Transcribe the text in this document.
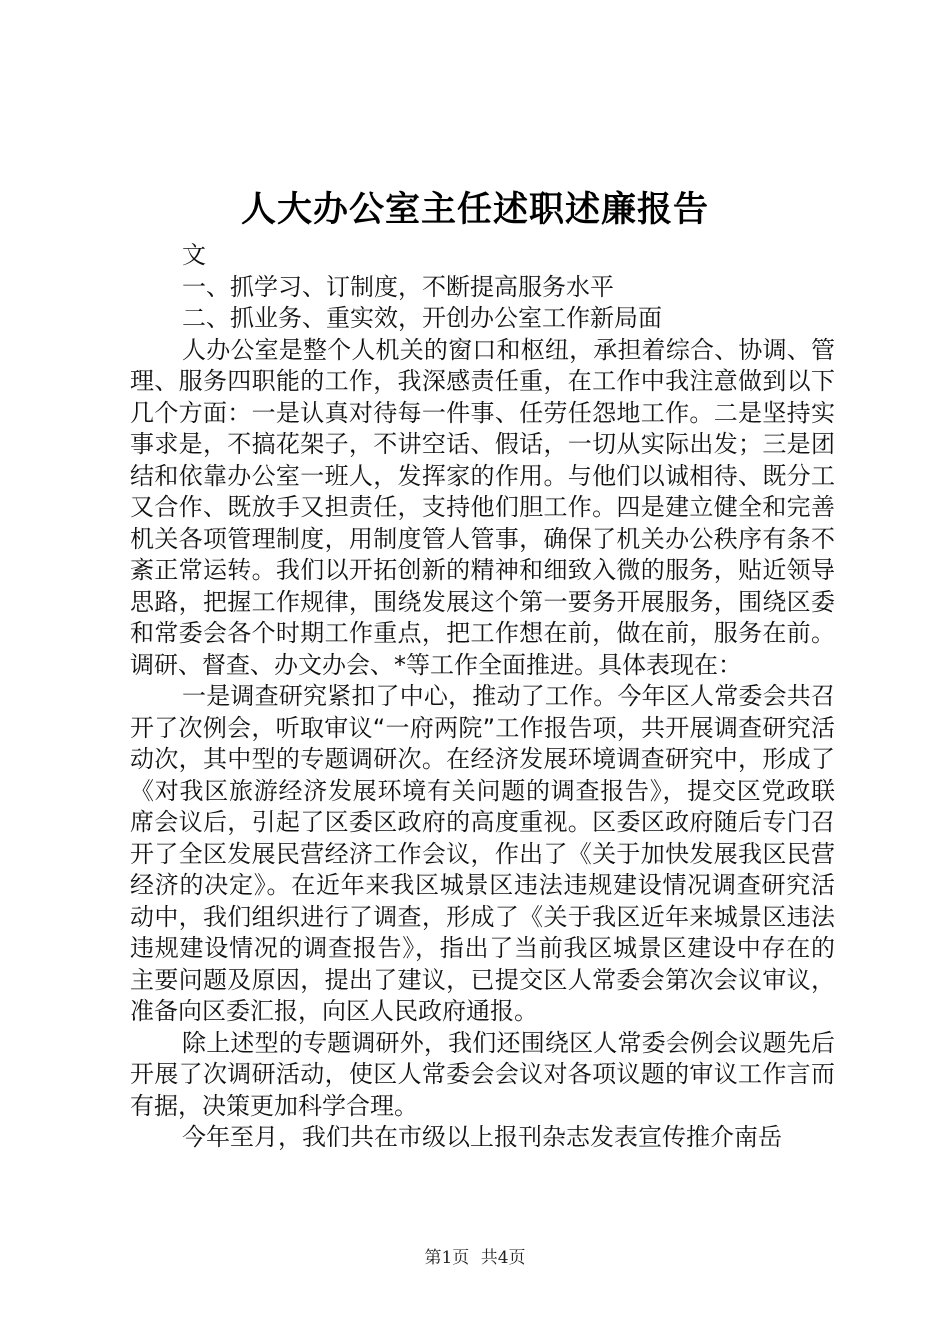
人大办公室主任述职述廉报告

文

一、抓学习、订制度，不断提高服务水平

二、抓业务、重实效，开创办公室工作新局面

人办公室是整个人机关的窗口和枢纽，承担着综合、协调、管理、服务四职能的工作，我深感责任重，在工作中我注意做到以下几个方面：一是认真对待每一件事、任劳任怨地工作。二是坚持实事求是，不搞花架子，不讲空话、假话，一切从实际出发；三是团结和依靠办公室一班人，发挥家的作用。与他们以诚相待、既分工又合作、既放手又担责任，支持他们胆工作。四是建立健全和完善机关各项管理制度，用制度管人管事，确保了机关办公秩序有条不紊正常运转。我们以开拓创新的精神和细致入微的服务，贴近领导思路，把握工作规律，围绕发展这个第一要务开展服务，围绕区委和常委会各个时期工作重点，把工作想在前，做在前，服务在前。调研、督查、办文办会、*等工作全面推进。具体表现在：

一是调查研究紧扣了中心，推动了工作。今年区人常委会共召开了次例会，听取审议“一府两院”工作报告项，共开展调查研究活动次，其中型的专题调研次。在经济发展环境调查研究中，形成了《对我区旅游经济发展环境有关问题的调查报告》，提交区党政联席会议后，引起了区委区政府的高度重视。区委区政府随后专门召开了全区发展民营经济工作会议，作出了《关于加快发展我区民营经济的决定》。在近年来我区城景区违法违规建设情况调查研究活动中，我们组织进行了调查，形成了《关于我区近年来城景区违法违规建设情况的调查报告》，指出了当前我区城景区建设中存在的主要问题及原因，提出了建议，已提交区人常委会第次会议审议，准备向区委汇报，向区人民政府通报。

除上述型的专题调研外，我们还围绕区人常委会例会议题先后开展了次调研活动，使区人常委会会议对各项议题的审议工作言而有据，决策更加科学合理。

今年至月，我们共在市级以上报刊杂志发表宣传推介南岳

第1页 共4页
